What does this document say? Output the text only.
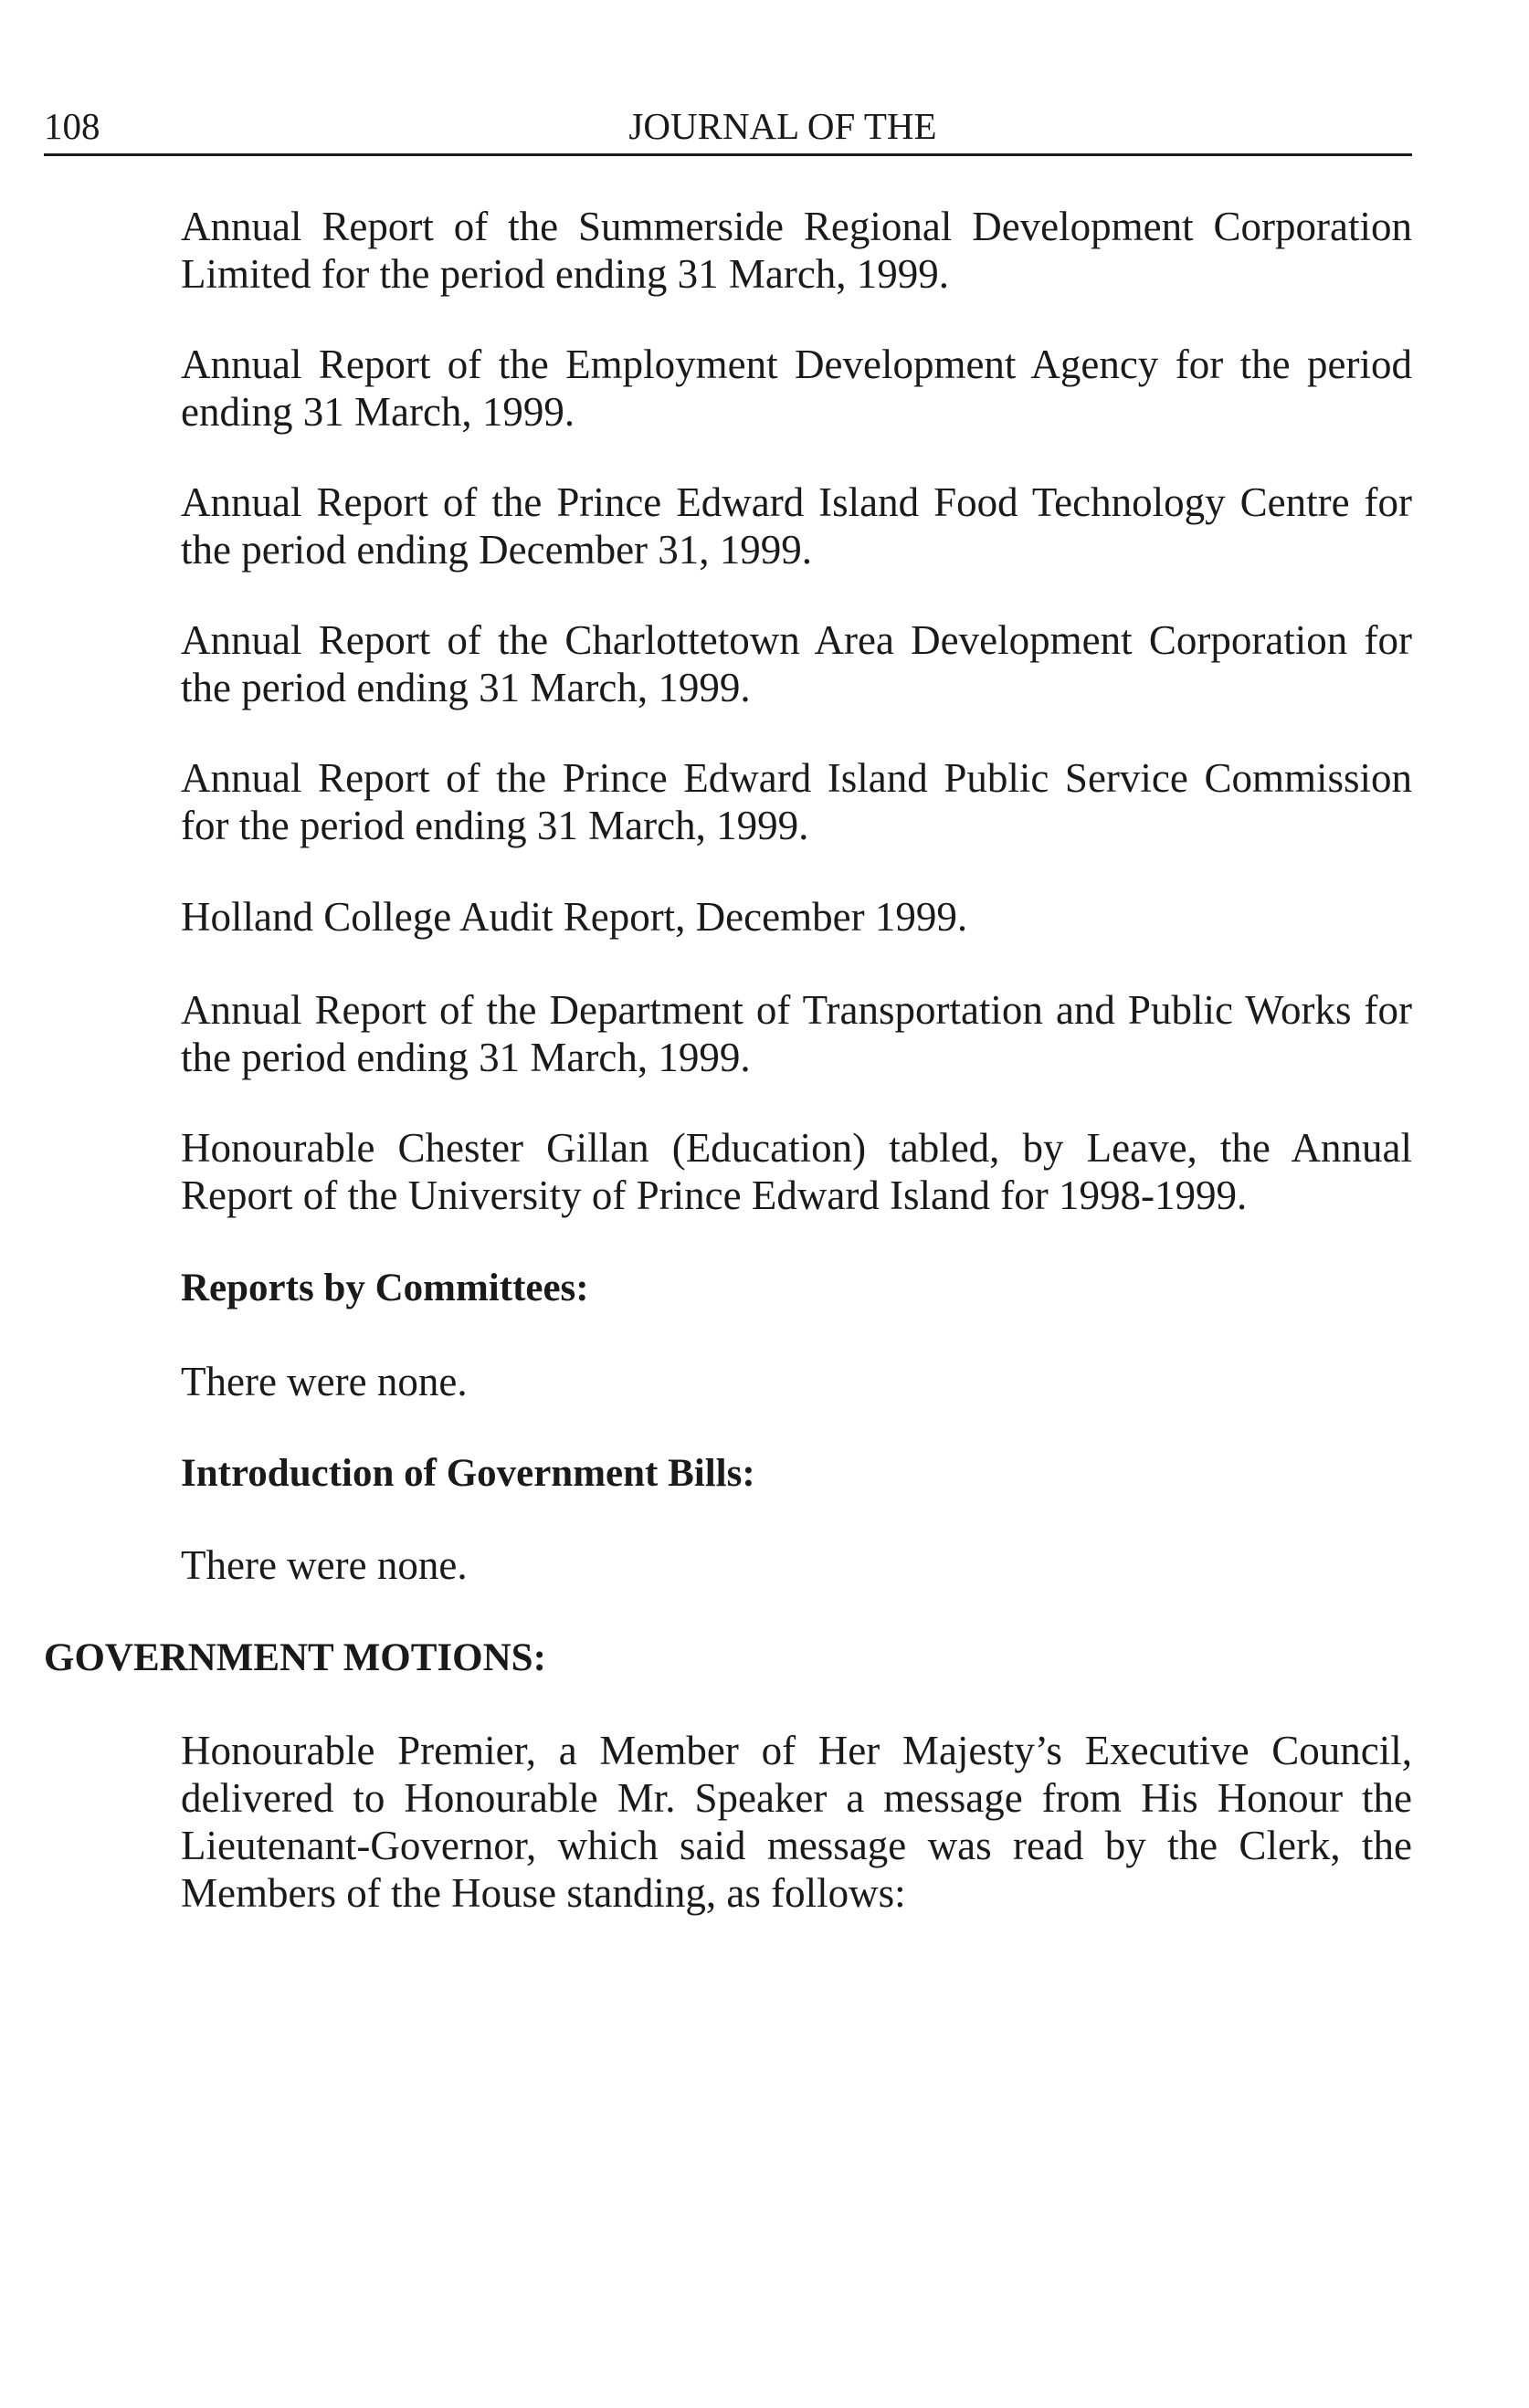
108	JOURNAL OF THE

Annual Report of the Summerside Regional Development Corporation Limited for the period ending 31 March, 1999.

Annual Report of the Employment Development Agency for the period ending 31 March, 1999.

Annual Report of the Prince Edward Island Food Technology Centre for the period ending December 31, 1999.

Annual Report of the Charlottetown Area Development Corporation for the period ending 31 March, 1999.

Annual Report of the Prince Edward Island Public Service Commission for the period ending 31 March, 1999.

Holland College Audit Report, December 1999.

Annual Report of the Department of Transportation and Public Works for the period ending 31 March, 1999.

Honourable Chester Gillan (Education) tabled, by Leave, the Annual Report of the University of Prince Edward Island for 1998-1999.

Reports by Committees:

There were none.

Introduction of Government Bills:

There were none.

GOVERNMENT MOTIONS:

Honourable Premier, a Member of Her Majesty’s Executive Council, delivered to Honourable Mr. Speaker a message from His Honour the Lieutenant-Governor, which said message was read by the Clerk, the Members of the House standing, as follows:
